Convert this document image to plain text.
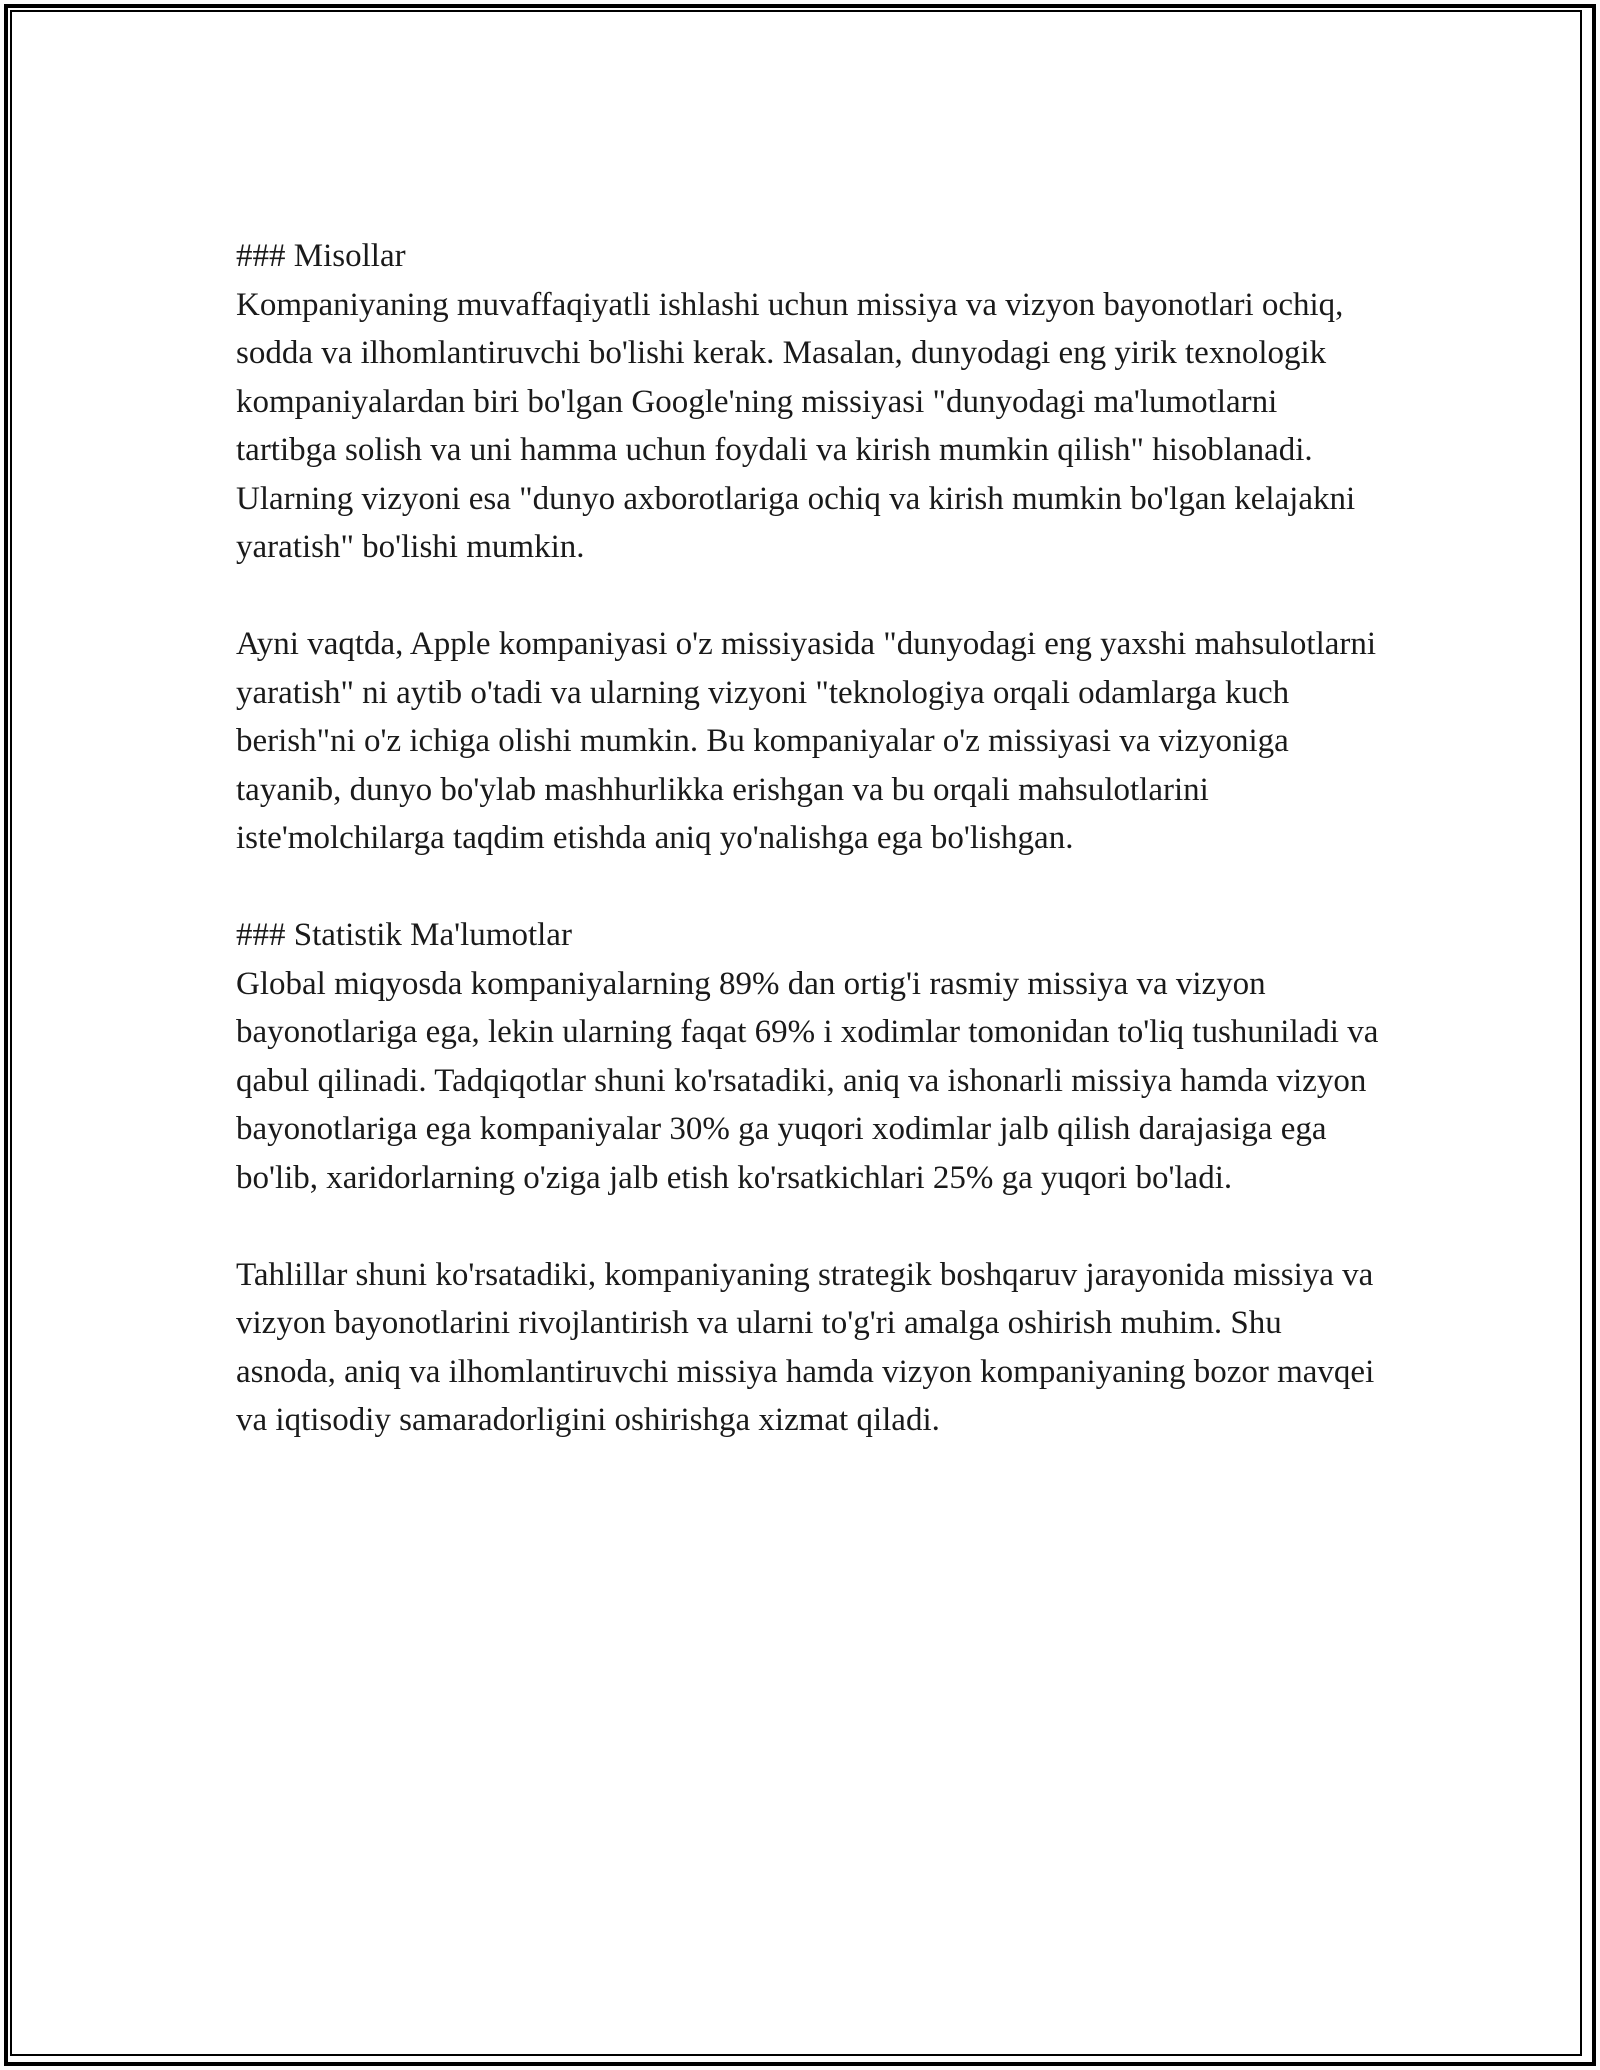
### Misollar

Kompaniyaning muvaffaqiyatli ishlashi uchun missiya va vizyon bayonotlari ochiq, sodda va ilhomlantiruvchi bo'lishi kerak. Masalan, dunyodagi eng yirik texnologik kompaniyalardan biri bo'lgan Google'ning missiyasi "dunyodagi ma'lumotlarni tartibga solish va uni hamma uchun foydali va kirish mumkin qilish" hisoblanadi. Ularning vizyoni esa "dunyo axborotlariga ochiq va kirish mumkin bo'lgan kelajakni yaratish" bo'lishi mumkin.

Ayni vaqtda, Apple kompaniyasi o'z missiyasida "dunyodagi eng yaxshi mahsulotlarni yaratish" ni aytib o'tadi va ularning vizyoni "teknologiya orqali odamlarga kuch berish"ni o'z ichiga olishi mumkin. Bu kompaniyalar o'z missiyasi va vizyoniga tayanib, dunyo bo'ylab mashhurlikka erishgan va bu orqali mahsulotlarini iste'molchilarga taqdim etishda aniq yo'nalishga ega bo'lishgan.

### Statistik Ma'lumotlar

Global miqyosda kompaniyalarning 89% dan ortig'i rasmiy missiya va vizyon bayonotlariga ega, lekin ularning faqat 69% i xodimlar tomonidan to'liq tushuniladi va qabul qilinadi. Tadqiqotlar shuni ko'rsatadiki, aniq va ishonarli missiya hamda vizyon bayonotlariga ega kompaniyalar 30% ga yuqori xodimlar jalb qilish darajasiga ega bo'lib, xaridorlarning o'ziga jalb etish ko'rsatkichlari 25% ga yuqori bo'ladi.

Tahlillar shuni ko'rsatadiki, kompaniyaning strategik boshqaruv jarayonida missiya va vizyon bayonotlarini rivojlantirish va ularni to'g'ri amalga oshirish muhim. Shu asnoda, aniq va ilhomlantiruvchi missiya hamda vizyon kompaniyaning bozor mavqei va iqtisodiy samaradorligini oshirishga xizmat qiladi.
